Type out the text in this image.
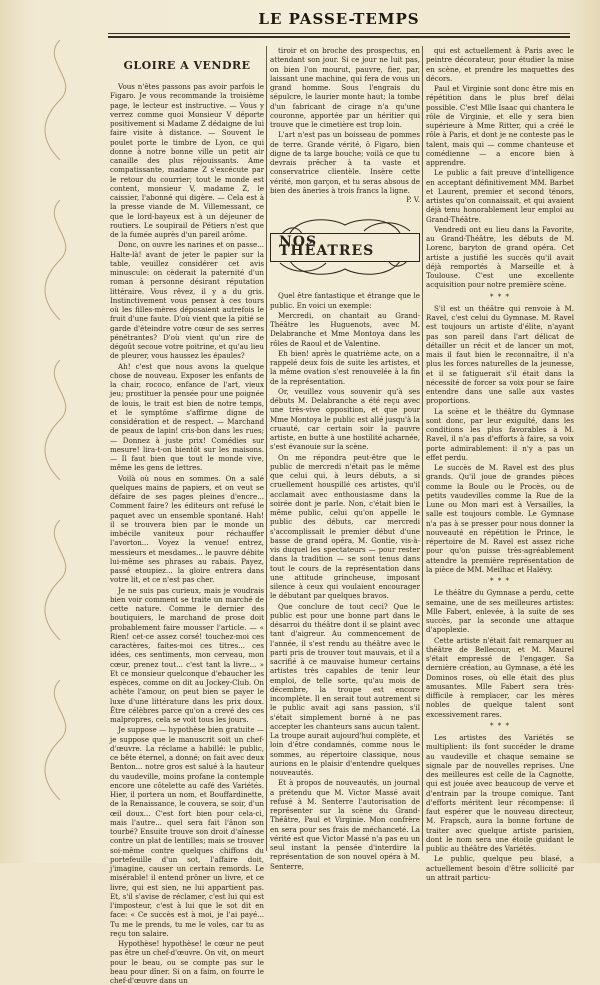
LE PASSE-TEMPS
GLOIRE A VENDRE

Vous n'êtes passons pas avoir parfois le Figaro. Je vous recommande la troisième page, le lecteur est instructive. — Vous y verrez comme quoi Monsieur V déporte positivement si Madame Z dédaigne de lui faire visite à distance. — Souvent le poulet porte le timbre de Lyon, ce qui donne à notre bonne ville un petit air canaille des plus réjouissants. Ame compatissante, madame Z s'excécute par le retour du courrier; tout le monde est content, monsieur V, madame Z, le caissier, l'abonné qui digère. — Cela est à la presse viande de M. Villemessant, ce que le lord-bayeux est à un déjeuner de routiers. Le soupirail de Pétiers n'est que de la fumée auprès d'un pareil arôme.

Donc, on ouvre les narines et on passe... Halte-là! avant de jeter le papier sur la table, veuillez considérer cet avis minuscule: on cèderait la paternité d'un roman à personne désirant réputation littéraire. Vous rêvez, il y a du gris. Instinctivement vous pensez à ces tours où les filles-mères déposaient autrefois le fruit d'une faute. D'où vient que la pitié se garde d'éteindre votre cœur de ses serres pénétrantes? D'où vient qu'un rire de dégoût secoue votre poitrine, et qu'au lieu de pleurer, vous haussez les épaules?

Ah! c'est que nous avons la quelque chose de nouveau. Exposer les enfants de la chair, rococo, enfance de l'art, vieux jeu; prostituer la pensée pour une poignée de louis, le trait est bien de notre temps, et le symptôme s'affirme digne de considération et de respect. — Marchand de peaux de lapin! cris-bon dans les rues; — Donnez à juste prix! Comédies sur mesure! lira-t-on bientôt sur les maisons. — Il faut bien que tout le monde vive, même les gens de lettres.

Voilà où nous en sommes. On a salé quelques mains de papiers, et on veut se défaire de ses pages pleines d'encre... Comment faire? les éditeurs ont refusé le paquet avec un ensemble spontané. Hah! il se trouvera bien par le monde un imbécile vaniteux pour réchauffer l'avorton... Voyez la venue! entrez, messieurs et mesdames... le pauvre débite lui-même ses phrases au rabais. Payez, passé etoupiez... la gloire entrera dans votre lit, et ce n'est pas cher.

Je ne suis pas curieux, mais je voudrais bien voir comment se traite un marché de cette nature. Comme le dernier des boutiquiers, le marchand de prose doit probablement faire mousser l'article. — « Rien! cet-ce assez corsé! touchez-moi ces caractères, faites-moi ces titres... ces idées, ces sentiments, mon cerveau, mon cœur, prenez tout... c'est tant la livre... » Et ce monsieur quelconque d'ebaucher les espèces, comme on dit au Jockey-Club. On achète l'amour, on peut bien se payer le luxe d'une littérature dans les prix doux. Être célèbres parce qu'on a crevé des ces malpropres, cela se voit tous les jours.

Je suppose — hypothèse bien gratuite — je suppose que le manuscrit soit un chef-d'œuvre. La réclame a habillé: le public, ce bête éternel, a donné; on fait avec deux Benton... notre gros est salué à la hauteur du vaudeville, moins profane la contemple encore une côtelette au café des Variétés. Hier, il portera un nom, et Bouffardinette, de la Renaissance, le couvera, se soir, d'un œil doux... C'est fort bien pour cela-ci, mais l'autre... quel sera fait l'ânon son tourbé? Ensuite trouve son droit d'aînesse contre un plat de lentilles; mais se trouver soi-même contre quelques chiffons du portefeuille d'un sot, l'affaire doit, j'imagine, causer un certain remords. Le misérable! il entend prôner un livre, et ce livre, qui est sien, ne lui appartient pas. Et, s'il s'avise de réclamer, c'est lui qui est l'imposteur, c'est à lui que le sot dit en face: « Ce succès est à moi, je l'ai payé... Tu me le prends, tu me le voles, car tu as reçu ton salaire.

Hypothèse! hypothèse! le cœur ne peut pas être un chef-d'œuvre. On vit, on meurt pour le beau, ou se compte pas sur le beau pour dîner. Si on a faim, on fourre le chef-d'œuvre dans un

tiroir et on broche des prospectus, en attendant son jour. Si ce jour ne luit pas, on bien l'on mourut, pauvre, fier, par, laissant une machine, qui fera de vous un grand homme. Sous l'engrais du sépulcre, le laurier monte haut; la tombe d'un fabricant de cirage n'a qu'une couronne, apportée par un héritier qui trouve que le cimetière est trop loin.

L'art n'est pas un boisseau de pommes de terre. Grande vérité, ô Figaro, bien digne de ta large bouche; voilà ce que tu devrais prêcher à ta vaste et conservatrice clientèle. Insère cette vérité, mon garçon, et tu seras absous de bien des âneries à trois francs la ligne.

P. V.

NOS THÉATRES

Quel être fantastique et étrange que le public. En voici un exemple:

Mercredi, on chantait au Grand-Théâtre les Huguenots, avec M. Delabranche et Mme Montoya dans les rôles de Raoul et de Valentine.

Eh bien! après le quatrième acte, on a rappelé deux fois de suite les artistes, et la même ovation s'est renouvelée à la fin de la représentation.

Or, veuillez vous souvenir qu'à ses débuts M. Delabranche a été reçu avec une très-vive opposition, et que pour Mme Montoya le public est allé jusqu'à la cruauté, car certain soir la pauvre artiste, en butte à une hostilité acharnée, s'est évanouie sur la scène.

On me répondra peut-être que le public de mercredi n'était pas le même que celui qui, à leurs débuts, a si cruellement houspillé ces artistes, qu'il acclamait avec enthousiasme dans la soirée dont je parle. Non, c'était bien le même public, celui qu'on appelle le public des débuts, car mercredi s'accomplissait le premier début d'une basse de grand opéra, M. Gontie, vis-à-vis duquel les spectateurs — pour rester dans la tradition — se sont tenus dans tout le cours de la représentation dans une attitude grincheuse, imposant silence à ceux qui voulaient encourager le débutant par quelques bravos.

Que conclure de tout ceci? Que le public est pour une bonne part dans le désarroi du théâtre dont il se plaint avec tant d'aigreur. Au commencement de l'année, il s'est rendu au théâtre avec le parti pris de trouver tout mauvais, et il a sacrifié à ce mauvaise humeur certains artistes très capables de tenir leur emploi, de telle sorte, qu'au mois de décembre, la troupe est encore incomplète. Il en serait tout autrement si le public avait agi sans passion, s'il s'était simplement borné à ne pas accepter les chanteurs sans aucun talent. La troupe aurait aujourd'hui complète, et loin d'être condamnés, comme nous le sommes, au répertoire classique, nous aurions en le plaisir d'entendre quelques nouveautés.

Et à propos de nouveautés, un journal a prétendu que M. Victor Massé avait refusé à M. Senterre l'autorisation de représenter sur la scène du Grand-Théâtre, Paul et Virginie. Mon confrère en sera pour ses frais de méchanceté. La vérité est que Victor Massé n'a pas eu un seul instant la pensée d'interdire la représentation de son nouvel opéra à M. Senterre,

qui est actuellement à Paris avec le peintre décorateur, pour étudier la mise en scène, et prendre les maquettes des décors.

Paul et Virginie sont donc être mis en répétition dans le plus bref délai possible. C'est Mlle Isaac qui chantera le rôle de Virginie, et elle y sera bien supérieure à Mme Ritter, qui a créé le rôle à Paris, et dont je ne conteste pas le talent, mais qui — comme chanteuse et comédienne — a encore bien à apprendre.

Le public a fait preuve d'intelligence en acceptant définitivement MM. Barbet et Laurent, premier et second ténors, artistes qu'on connaissait, et qui avaient déjà tenu honorablement leur emploi au Grand-Théâtre.

Vendredi ont eu lieu dans la Favorite, au Grand-Théâtre, les débuts de M. Lorenc, baryton de grand opéra. Cet artiste a justifié les succès qu'il avait déjà remportés à Marseille et à Toulouse. C'est une excellente acquisition pour notre première scène.

* * *

S'il est un théâtre qui renvoie à M. Ravel, c'est celui du Gymnase. M. Ravel est toujours un artiste d'élite, n'ayant pas son pareil dans l'art délicat de détailler un récit et de lancer un mot, mais il faut bien le reconnaître, il n'a plus les forces naturelles de la jeunesse, et il se fatiguerait s'il était dans la nécessité de forcer sa voix pour se faire entendre dans une salle aux vastes proportions.

La scène et le théâtre du Gymnase sont donc, par leur exiguïté, dans les conditions les plus favorables à M. Ravel, il n'a pas d'efforts à faire, sa voix porte admirablement: il n'y a pas un effet perdu.

Le succès de M. Ravel est des plus grands. Qu'il joue de grandes pièces comme la Boule ou le Procès, ou de petits vaudevilles comme la Rue de la Lune ou Mon mari est à Versailles, la salle est toujours comble. Le Gymnase n'a pas à se presser pour nous donner la nouveauté en répétition le Prince, le répertoire de M. Ravel est assez riche pour qu'on puisse très-agréablement attendre la première représentation de la pièce de MM. Meilhac et Halévy.

* * *

Le théâtre du Gymnase a perdu, cette semaine, une de ses meilleures artistes: Mlle Fabert, enlevée, à la suite de ses succès, par la seconde une attaque d'apoplexie.

Cette artiste n'était fait remarquer au théâtre de Bellecour, et M. Maurel s'était empressé de l'engager. Sa dernière création, au Gymnase, a été les Dominos roses, où elle était des plus amusantes. Mlle Fabert sera très-difficile à remplacer, car les mères nobles de quelque talent sont excessivement rares.

* * *

Les artistes des Variétés se multiplient: ils font succéder le drame au vaudeville et chaque semaine se signale par de nouvelles reprises. Une des meilleures est celle de la Cagnotte, qui est jouée avec beaucoup de verve et d'entrain par la troupe comique. Tant d'efforts méritent leur récompense: il faut espérer que le nouveau directeur, M. Frapsch, aura la bonne fortune de traiter avec quelque artiste parisien, dont le nom sera une étoile guidant le public au théâtre des Variétés.

Le public, quelque peu blasé, a actuellement besoin d'être sollicité par un attrait particu-
